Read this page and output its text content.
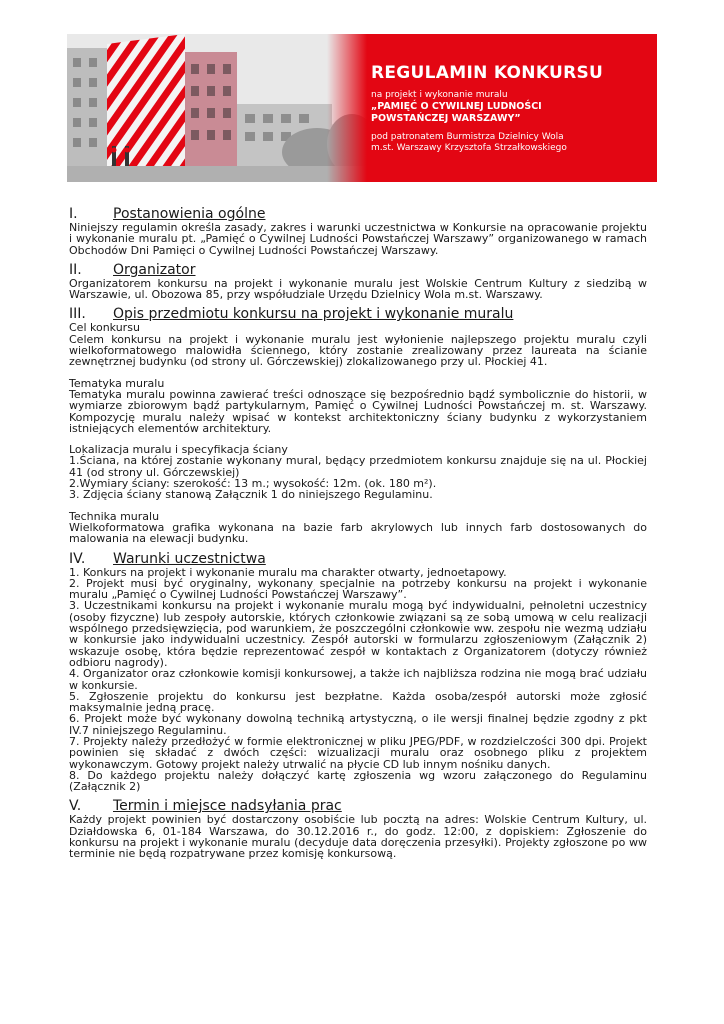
REGULAMIN KONKURSU
na projekt i wykonanie muralu
„PAMIĘĆ O CYWILNEJ LUDNOŚCI
POWSTAŃCZEJ WARSZAWY”
pod patronatem Burmistrza Dzielnicy Wola
m.st. Warszawy Krzysztofa Strzałkowskiego
I.	Postanowienia ogólne

Niniejszy regulamin określa zasady, zakres i warunki uczestnictwa w Konkursie na opracowanie projektu i wykonanie muralu pt. „Pamięć o Cywilnej Ludności Powstańczej Warszawy” organizowanego w ramach Obchodów Dni Pamięci o Cywilnej Ludności Powstańczej Warszawy.

II.	Organizator

Organizatorem konkursu na projekt i wykonanie muralu jest Wolskie Centrum Kultury z siedzibą w Warszawie, ul. Obozowa 85, przy współudziale Urzędu Dzielnicy Wola m.st. Warszawy.

III.	Opis przedmiotu konkursu na projekt i wykonanie muralu

Cel konkursu

Celem konkursu na projekt i wykonanie muralu jest wyłonienie najlepszego projektu muralu czyli wielkoformatowego malowidła ściennego, który zostanie zrealizowany przez laureata na ścianie zewnętrznej budynku (od strony ul. Górczewskiej) zlokalizowanego przy ul. Płockiej 41.

Tematyka muralu

Tematyka muralu powinna zawierać treści odnoszące się bezpośrednio bądź symbolicznie do historii, w wymiarze zbiorowym bądź partykularnym, Pamięć o Cywilnej Ludności Powstańczej m. st. Warszawy. Kompozycję muralu należy wpisać w kontekst architektoniczny ściany budynku z wykorzystaniem istniejących elementów architektury.

Lokalizacja muralu i specyfikacja ściany

1.Ściana, na której zostanie wykonany mural, będący przedmiotem konkursu znajduje się na ul. Płockiej 41 (od strony ul. Górczewskiej)

2.Wymiary ściany: szerokość: 13 m.; wysokość: 12m. (ok. 180 m²).

3. Zdjęcia ściany stanową Załącznik 1 do niniejszego Regulaminu.

Technika muralu

Wielkoformatowa grafika wykonana na bazie farb akrylowych lub innych farb dostosowanych do malowania na elewacji budynku.

IV.	Warunki uczestnictwa

1. Konkurs na projekt i wykonanie muralu ma charakter otwarty, jednoetapowy.

2. Projekt musi być oryginalny, wykonany specjalnie na potrzeby konkursu na projekt i wykonanie muralu „Pamięć o Cywilnej Ludności Powstańczej Warszawy”.

3. Uczestnikami konkursu na projekt i wykonanie muralu mogą być indywidualni, pełnoletni uczestnicy (osoby fizyczne) lub zespoły autorskie, których członkowie związani są ze sobą umową w celu realizacji wspólnego przedsięwzięcia, pod warunkiem, że poszczególni członkowie ww. zespołu nie wezmą udziału w konkursie jako indywidualni uczestnicy. Zespół autorski w formularzu zgłoszeniowym (Załącznik 2) wskazuje osobę, która będzie reprezentować zespół w kontaktach z Organizatorem (dotyczy również odbioru nagrody).

4. Organizator oraz członkowie komisji konkursowej, a także ich najbliższa rodzina nie mogą brać udziału w konkursie.

5. Zgłoszenie projektu do konkursu jest bezpłatne. Każda osoba/zespół autorski może zgłosić maksymalnie jedną pracę.

6. Projekt może być wykonany dowolną techniką artystyczną, o ile wersji finalnej będzie zgodny z pkt IV.7 niniejszego Regulaminu.

7. Projekty należy przedłożyć w formie elektronicznej w pliku JPEG/PDF, w rozdzielczości 300 dpi. Projekt powinien się składać z dwóch części: wizualizacji muralu oraz osobnego pliku z projektem wykonawczym. Gotowy projekt należy utrwalić na płycie CD lub innym nośniku danych.

8. Do każdego projektu należy dołączyć kartę zgłoszenia wg wzoru załączonego do Regulaminu (Załącznik 2)

V.	Termin i miejsce nadsyłania prac

Każdy projekt powinien być dostarczony osobiście lub pocztą na adres: Wolskie Centrum Kultury, ul. Działdowska 6, 01-184 Warszawa, do 30.12.2016 r., do godz. 12:00, z dopiskiem: Zgłoszenie do konkursu na projekt i wykonanie muralu (decyduje data doręczenia przesyłki). Projekty zgłoszone po ww terminie nie będą rozpatrywane przez komisję konkursową.
